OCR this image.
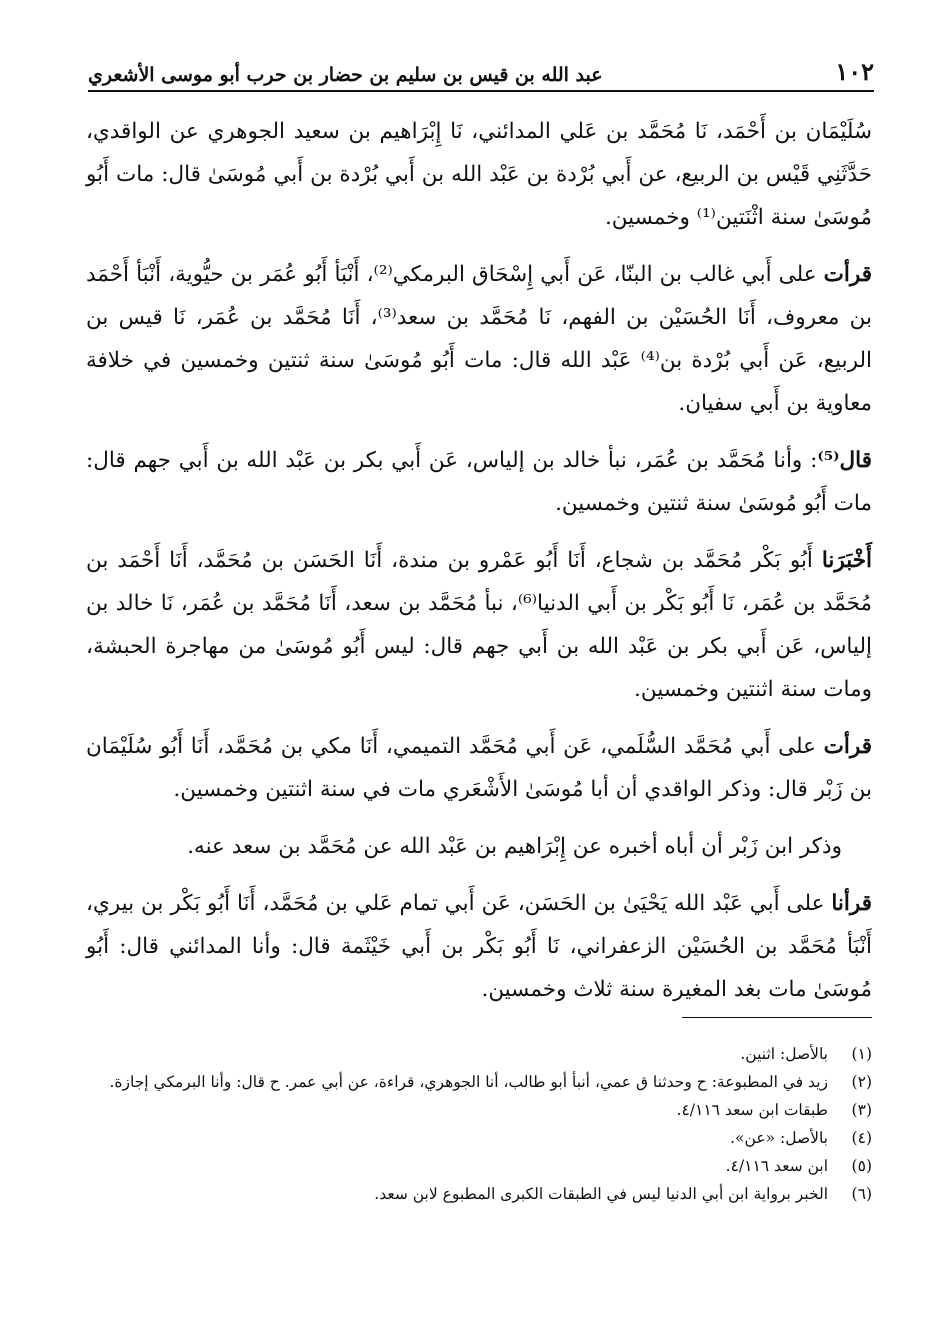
١٠٢
عبد الله بن قيس بن سليم بن حضار بن حرب أبو موسى الأشعري

سُلَيْمَان بن أَحْمَد، نَا مُحَمَّد بن عَلي المدائني، نَا إِبْرَاهيم بن سعيد الجوهري عن الواقدي، حَدَّثَنِي قَيْس بن الربيع، عن أَبي بُرْدة بن عَبْد الله بن أَبي بُرْدة بن أَبي مُوسَىٰ قال: مات أَبُو مُوسَىٰ سنة اثْنَتين⁽¹⁾ وخمسين.

قرأت على أَبي غالب بن البنّا، عَن أَبي إِسْحَاق البرمكي⁽²⁾، أَنْبَأ أَبُو عُمَر بن حيُّوية، أَنْبَأ أَحْمَد بن معروف، أَنَا الحُسَيْن بن الفهم، نَا مُحَمَّد بن سعد⁽³⁾، أَنَا مُحَمَّد بن عُمَر، نَا قيس بن الربيع، عَن أَبي بُرْدة بن⁽⁴⁾ عَبْد الله قال: مات أَبُو مُوسَىٰ سنة ثنتين وخمسين في خلافة معاوية بن أَبي سفيان.

قال⁽⁵⁾: وأنا مُحَمَّد بن عُمَر، نبأ خالد بن إلياس، عَن أَبي بكر بن عَبْد الله بن أَبي جهم قال: مات أَبُو مُوسَىٰ سنة ثنتين وخمسين.

أَخْبَرَنا أَبُو بَكْر مُحَمَّد بن شجاع، أَنَا أَبُو عَمْرو بن مندة، أَنَا الحَسَن بن مُحَمَّد، أَنَا أَحْمَد بن مُحَمَّد بن عُمَر، نَا أَبُو بَكْر بن أَبي الدنيا⁽⁶⁾، نبأ مُحَمَّد بن سعد، أَنَا مُحَمَّد بن عُمَر، نَا خالد بن إلياس، عَن أَبي بكر بن عَبْد الله بن أَبي جهم قال: ليس أَبُو مُوسَىٰ من مهاجرة الحبشة، ومات سنة اثنتين وخمسين.

قرأت على أَبي مُحَمَّد السُّلَمي، عَن أَبي مُحَمَّد التميمي، أَنَا مكي بن مُحَمَّد، أَنَا أَبُو سُلَيْمَان بن زَبْر قال: وذكر الواقدي أن أبا مُوسَىٰ الأَشْعَري مات في سنة اثنتين وخمسين.

وذكر ابن زَبْر أن أباه أخبره عن إِبْرَاهيم بن عَبْد الله عن مُحَمَّد بن سعد عنه.

قرأنا على أَبي عَبْد الله يَحْيَىٰ بن الحَسَن، عَن أَبي تمام عَلي بن مُحَمَّد، أَنَا أَبُو بَكْر بن بيري، أَنْبَأ مُحَمَّد بن الحُسَيْن الزعفراني، نَا أَبُو بَكْر بن أَبي خَيْثَمة قال: وأنا المدائني قال: أَبُو مُوسَىٰ مات بغد المغيرة سنة ثلاث وخمسين.

(١)
بالأصل: اثنين.
(٢)
زيد في المطبوعة: ح وحدثنا ق عمي، أنبأ أبو طالب، أنا الجوهري، قراءة، عن أبي عمر. ح قال: وأنا البرمكي إجازة.
(٣)
طبقات ابن سعد ٤/١١٦.
(٤)
بالأصل: «عن».
(٥)
ابن سعد ٤/١١٦.
(٦)
الخبر برواية ابن أبي الدنيا ليس في الطبقات الكبرى المطبوع لابن سعد.
